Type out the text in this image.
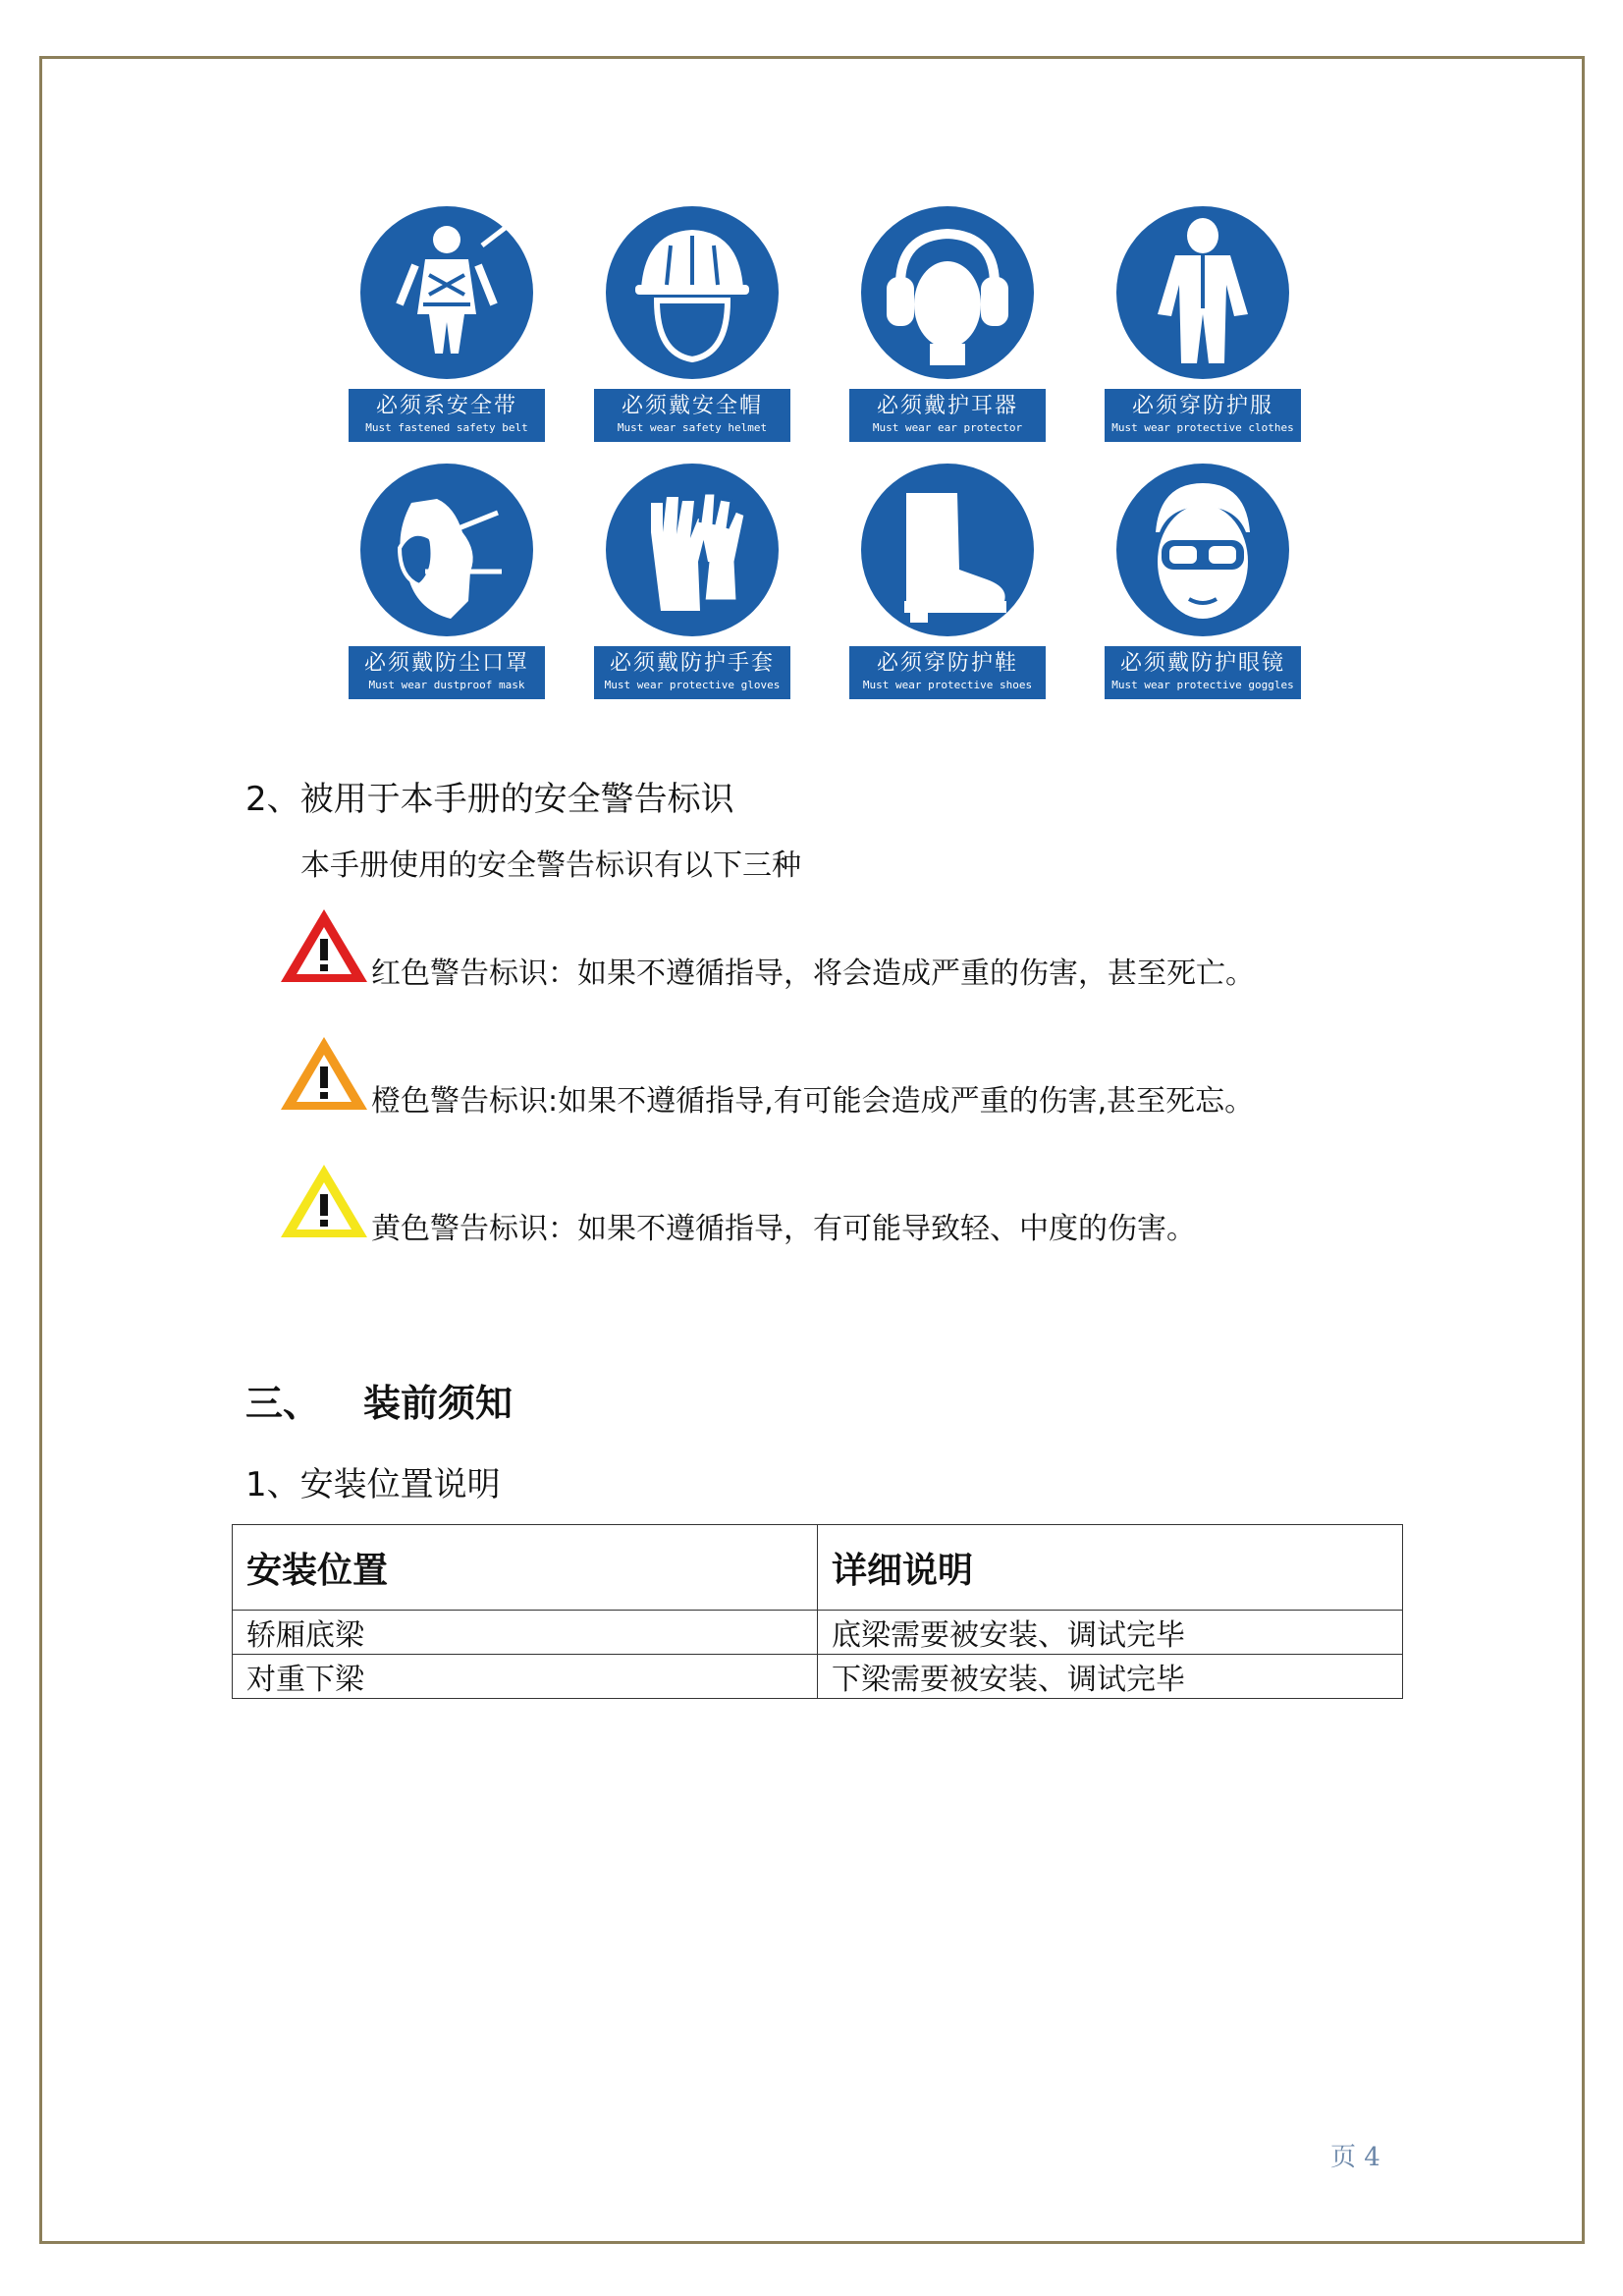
必须系安全带
Must fastened safety belt
必须戴安全帽
Must wear safety helmet
必须戴护耳器
Must wear ear protector
必须穿防护服
Must wear protective clothes
必须戴防尘口罩
Must wear dustproof mask
必须戴防护手套
Must wear protective gloves
必须穿防护鞋
Must wear protective shoes
必须戴防护眼镜
Must wear protective goggles
2、被用于本手册的安全警告标识
本手册使用的安全警告标识有以下三种
红色警告标识：如果不遵循指导，将会造成严重的伤害，甚至死亡。
橙色警告标识:如果不遵循指导,有可能会造成严重的伤害,甚至死忘。
黄色警告标识：如果不遵循指导，有可能导致轻、中度的伤害。
三、 装前须知
1、安装位置说明
安装位置	详细说明
轿厢底梁	底梁需要被安装、调试完毕
对重下梁	下梁需要被安装、调试完毕
页 4
